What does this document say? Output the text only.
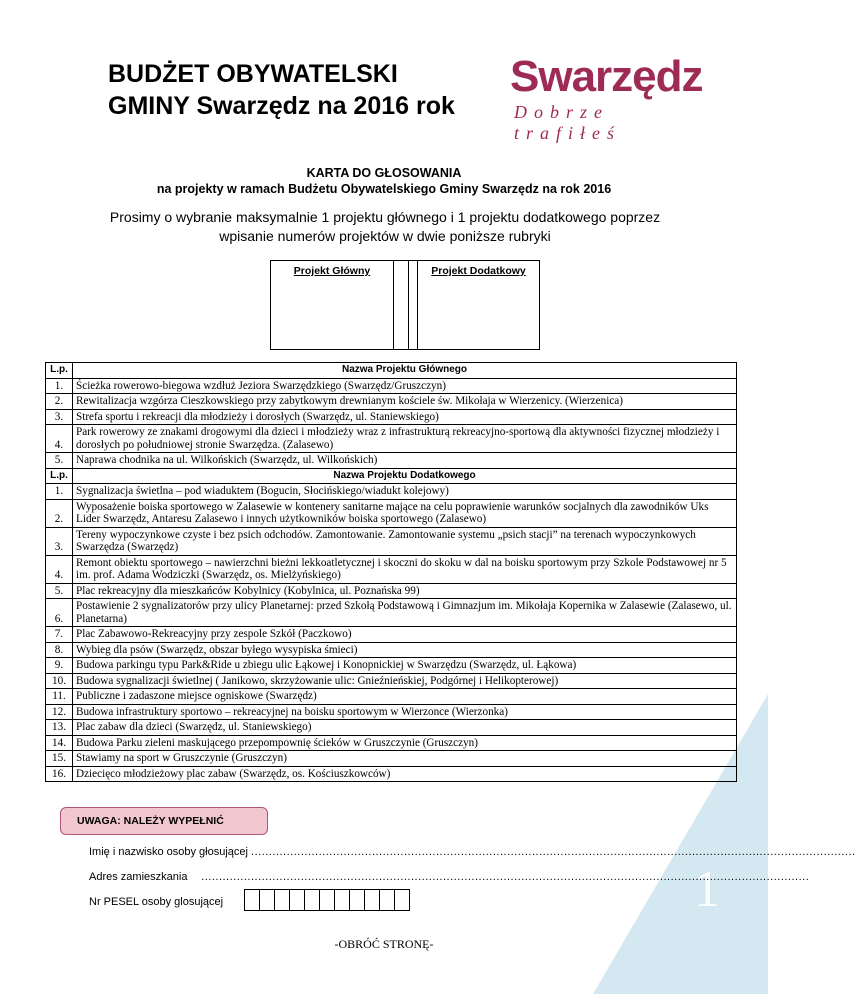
1
BUDŻET OBYWATELSKI
GMINY Swarzędz na 2016 rok
Swarzędz
Dobrze trafiłeś
KARTA DO GŁOSOWANIA
na projekty w ramach Budżetu Obywatelskiego Gminy Swarzędz na rok 2016
Prosimy o wybranie maksymalnie 1 projektu głównego i 1 projektu dodatkowego poprzez wpisanie numerów projektów w dwie poniższe rubryki
Projekt Główny	Projekt Dodatkowy
L.p.	Nazwa Projektu Głównego
1.	Ścieżka rowerowo-biegowa wzdłuż Jeziora Swarzędzkiego (Swarzędz/Gruszczyn)
2.	Rewitalizacja wzgórza Cieszkowskiego przy zabytkowym drewnianym kościele św. Mikołaja w Wierzenicy. (Wierzenica)
3.	Strefa sportu i rekreacji dla młodzieży i dorosłych (Swarzędz, ul. Staniewskiego)
4.	Park rowerowy ze znakami drogowymi dla dzieci i młodzieży wraz z infrastrukturą rekreacyjno-sportową dla aktywności fizycznej młodzieży i dorosłych po południowej stronie Swarzędza. (Zalasewo)
5.	Naprawa chodnika na ul. Wilkońskich (Swarzędz, ul. Wilkońskich)
L.p.	Nazwa Projektu Dodatkowego
1.	Sygnalizacja świetlna – pod wiaduktem (Bogucin, Słocińskiego/wiadukt kolejowy)
2.	Wyposażenie boiska sportowego w Zalasewie w kontenery sanitarne mające na celu poprawienie warunków socjalnych dla zawodników Uks Lider Swarzędz, Antaresu Zalasewo i innych użytkowników boiska sportowego (Zalasewo)
3.	Tereny wypoczynkowe czyste i bez psich odchodów. Zamontowanie. Zamontowanie systemu „psich stacji” na terenach wypoczynkowych Swarzędza (Swarzędz)
4.	Remont obiektu sportowego – nawierzchni bieżni lekkoatletycznej i skoczni do skoku w dal na boisku sportowym przy Szkole Podstawowej nr 5 im. prof. Adama Wodziczki (Swarzędz, os. Mielżyńskiego)
5.	Plac rekreacyjny dla mieszkańców Kobylnicy (Kobylnica, ul. Poznańska 99)
6.	Postawienie 2 sygnalizatorów przy ulicy Planetarnej: przed Szkołą Podstawową i Gimnazjum im. Mikołaja Kopernika w Zalasewie (Zalasewo, ul. Planetarna)
7.	Plac Zabawowo-Rekreacyjny przy zespole Szkół (Paczkowo)
8.	Wybieg dla psów (Swarzędz, obszar byłego wysypiska śmieci)
9.	Budowa parkingu typu Park&Ride u zbiegu ulic Łąkowej i Konopnickiej w Swarzędzu (Swarzędz, ul. Łąkowa)
10.	Budowa sygnalizacji świetlnej ( Janikowo, skrzyżowanie ulic: Gnieźnieńskiej, Podgórnej i Helikopterowej)
11.	Publiczne i zadaszone miejsce ogniskowe (Swarzędz)
12.	Budowa infrastruktury sportowo – rekreacyjnej na boisku sportowym w Wierzonce (Wierzonka)
13.	Plac zabaw dla dzieci (Swarzędz, ul. Staniewskiego)
14.	Budowa Parku zieleni maskującego przepompownię ścieków w Gruszczynie (Gruszczyn)
15.	Stawiamy na sport w Gruszczynie (Gruszczyn)
16.	Dziecięco młodzieżowy plac zabaw (Swarzędz, os. Kościuszkowców)
UWAGA: NALEŻY WYPEŁNIĆ
Imię i nazwisko osoby głosującej ..........................................................................................................................................................................
Adres zamieszkania    ...........................................................................................................................................................................
Nr PESEL osoby glosującej
-OBRÓĆ STRONĘ-
